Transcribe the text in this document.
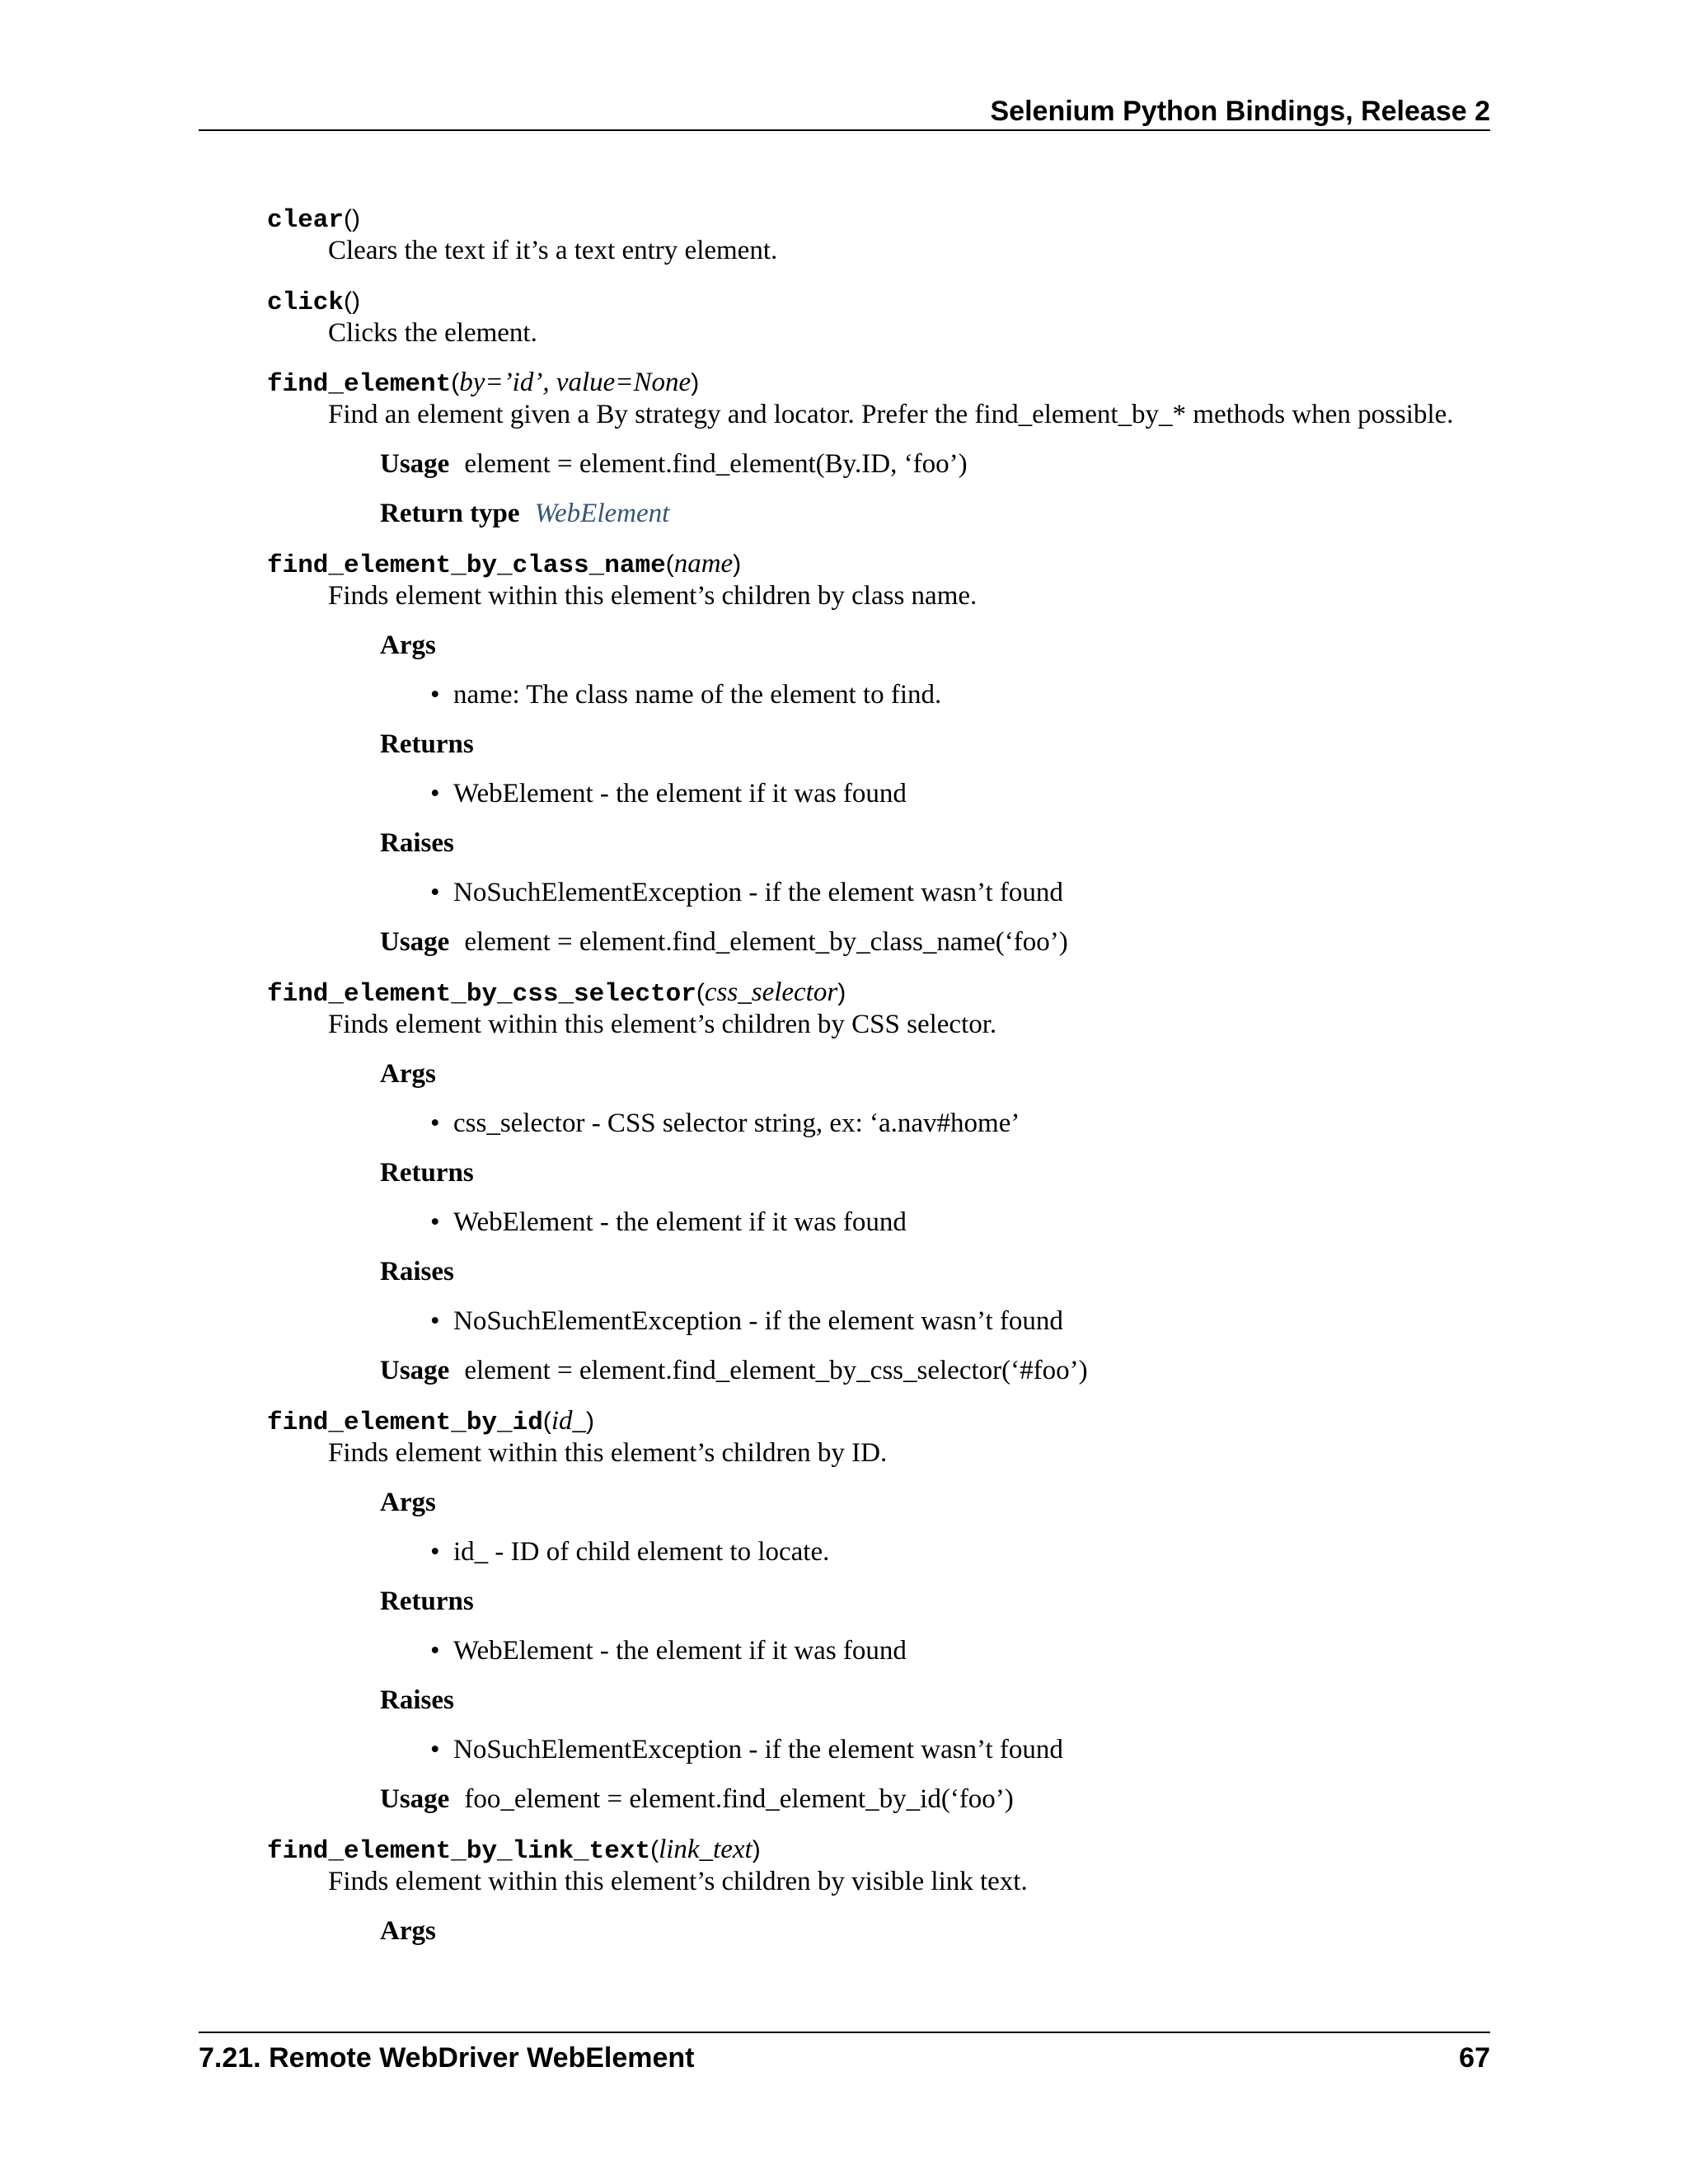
Selenium Python Bindings, Release 2
clear()
Clears the text if it’s a text entry element.
click()
Clicks the element.
find_element(by=’id’, value=None)
Find an element given a By strategy and locator. Prefer the find_element_by_* methods when possible.
Usage element = element.find_element(By.ID, ‘foo’)
Return type WebElement
find_element_by_class_name(name)
Finds element within this element’s children by class name.
Args
• name: The class name of the element to find.
Returns
• WebElement - the element if it was found
Raises
• NoSuchElementException - if the element wasn’t found
Usage element = element.find_element_by_class_name(‘foo’)
find_element_by_css_selector(css_selector)
Finds element within this element’s children by CSS selector.
Args
• css_selector - CSS selector string, ex: ‘a.nav#home’
Returns
• WebElement - the element if it was found
Raises
• NoSuchElementException - if the element wasn’t found
Usage element = element.find_element_by_css_selector(‘#foo’)
find_element_by_id(id_)
Finds element within this element’s children by ID.
Args
• id_ - ID of child element to locate.
Returns
• WebElement - the element if it was found
Raises
• NoSuchElementException - if the element wasn’t found
Usage foo_element = element.find_element_by_id(‘foo’)
find_element_by_link_text(link_text)
Finds element within this element’s children by visible link text.
Args
7.21. Remote WebDriver WebElement	67
